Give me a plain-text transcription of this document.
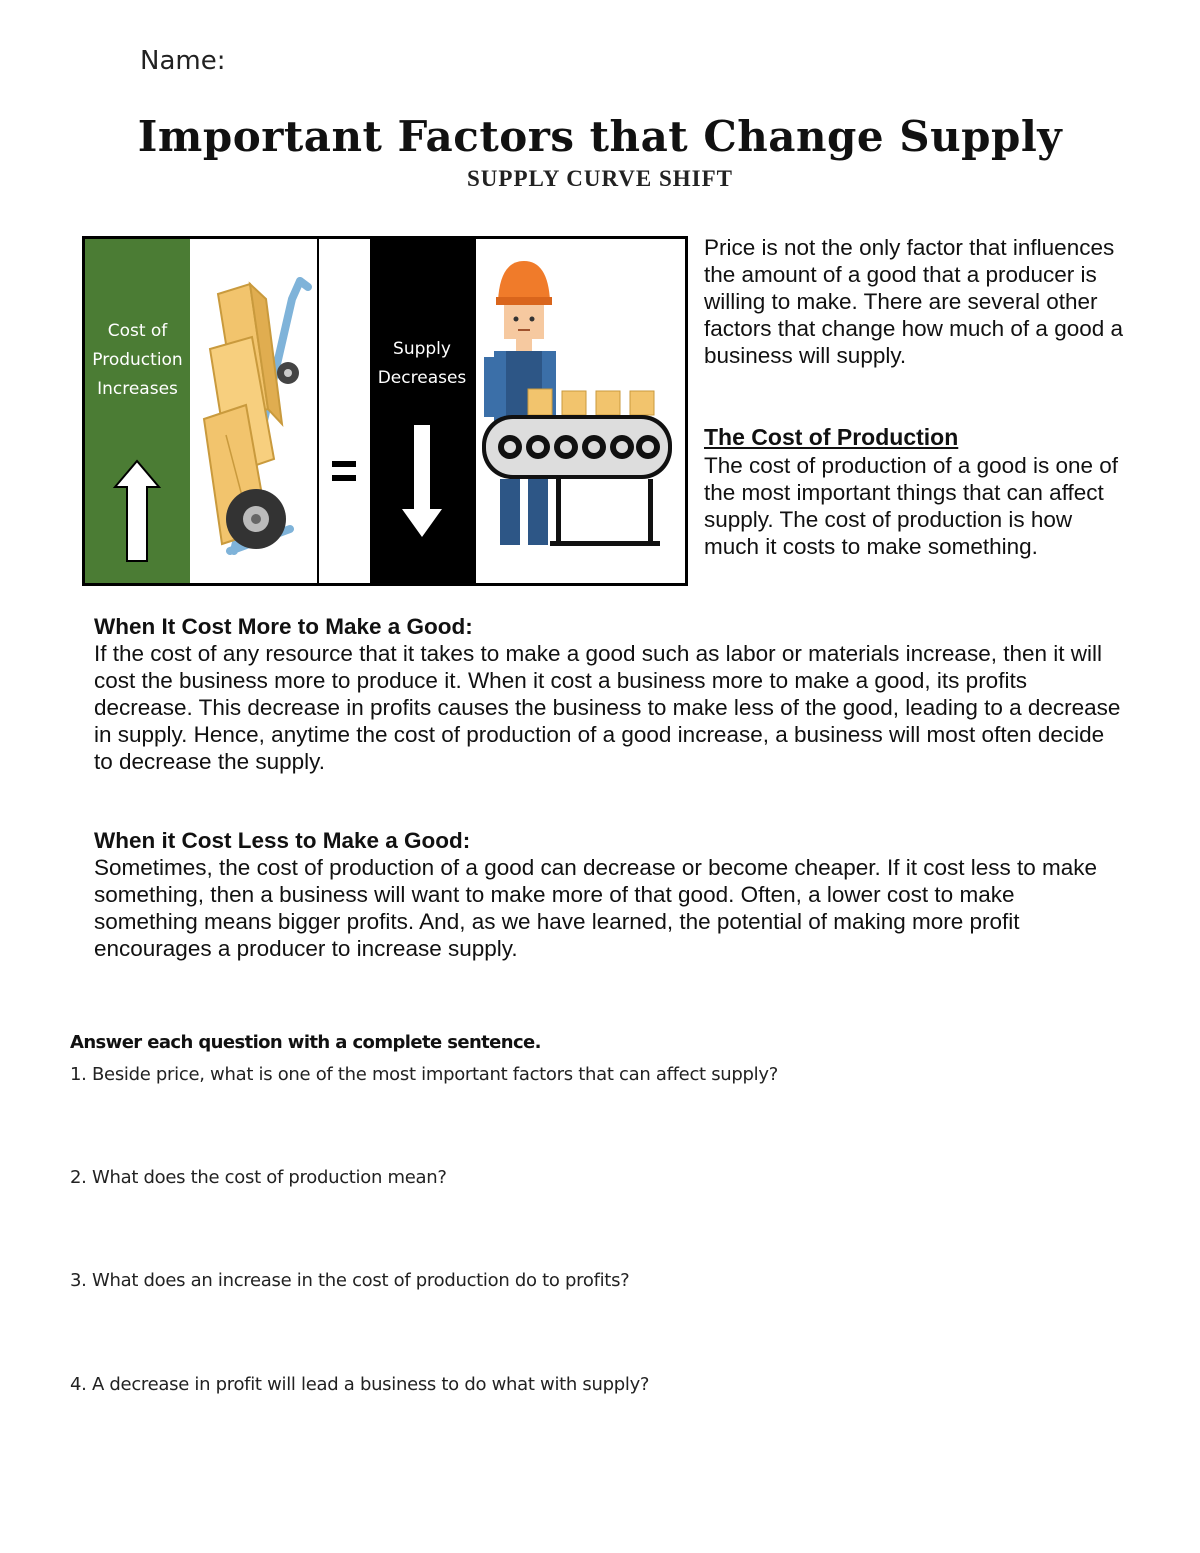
Name:
Important Factors that Change Supply
SUPPLY CURVE SHIFT
Cost of
Production
Increases
Supply
Decreases
Price is not the only factor that influences the amount of a good that a producer is willing to make. There are several other factors that change how much of a good a business will supply.
The Cost of Production
The cost of production of a good is one of the most important things that can affect supply. The cost of production is how much it costs to make something.
When It Cost More to Make a Good:
If the cost of any resource that it takes to make a good such as labor or materials increase, then it will cost the business more to produce it. When it cost a business more to make a good, its profits decrease. This decrease in profits causes the business to make less of the good, leading to a decrease in supply. Hence, anytime the cost of production of a good increase, a business will most often decide to decrease the supply.
When it Cost Less to Make a Good:
Sometimes, the cost of production of a good can decrease or become cheaper. If it cost less to make something, then a business will want to make more of that good. Often, a lower cost to make something means bigger profits. And, as we have learned, the potential of making more profit encourages a producer to increase supply.
Answer each question with a complete sentence.
1. Beside price, what is one of the most important factors that can affect supply?
2. What does the cost of production mean?
3. What does an increase in the cost of production do to profits?
4. A decrease in profit will lead a business to do what with supply?
